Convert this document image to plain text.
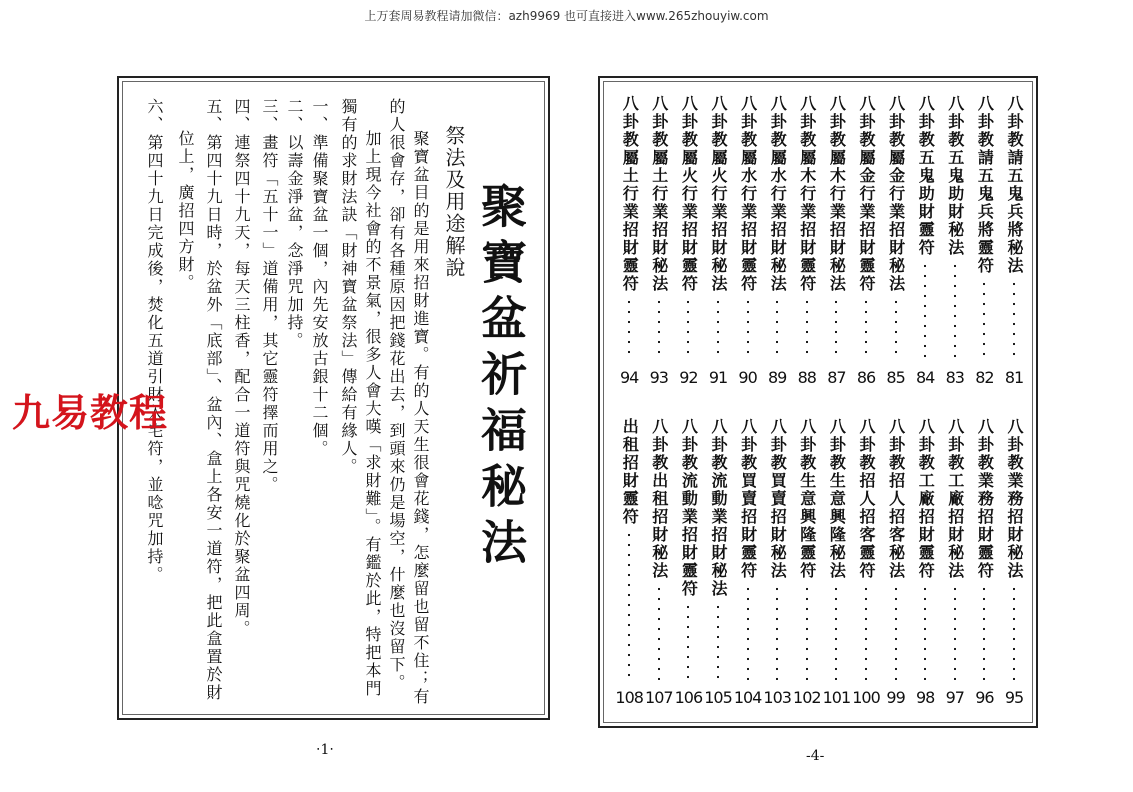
上万套周易教程请加微信：azh9969 也可直接进入www.265zhouyiw.com
聚寶盆祈福秘法
祭法及用途解說
聚寶盆目的是用來招財進寶。有的人天生很會花錢，怎麼留也留不住；有
的人很會存，卻有各種原因把錢花出去，到頭來仍是場空，什麼也沒留下。
加上現今社會的不景氣，很多人會大嘆「求財難」。有鑑於此，特把本門
獨有的求財法訣「財神寶盆祭法」傳給有緣人。
一、準備聚寶盆一個，內先安放古銀十二個。
二、以壽金淨盆，念淨咒加持。
三、畫符「五十一」道備用，其它靈符擇而用之。
四、連祭四十九天，每天三柱香，配合一道符與咒燒化於聚盆四周。
五、第四十九日時，於盆外「底部」、盆內、盒上各安一道符，把此盒置於財
位上，廣招四方財。
六、第四十九日完成後，焚化五道引財入宅符，並唸咒加持。
‧1‧
八卦教請五鬼兵將秘法
81
八卦教請五鬼兵將靈符
82
八卦教五鬼助財秘法
83
八卦教五鬼助財靈符
84
八卦教屬金行業招財秘法
85
八卦教屬金行業招財靈符
86
八卦教屬木行業招財秘法
87
八卦教屬木行業招財靈符
88
八卦教屬水行業招財秘法
89
八卦教屬水行業招財靈符
90
八卦教屬火行業招財秘法
91
八卦教屬火行業招財靈符
92
八卦教屬土行業招財秘法
93
八卦教屬土行業招財靈符
94
八卦教業務招財秘法
95
八卦教業務招財靈符
96
八卦教工廠招財秘法
97
八卦教工廠招財靈符
98
八卦教招人招客秘法
99
八卦教招人招客靈符
100
八卦教生意興隆秘法
101
八卦教生意興隆靈符
102
八卦教買賣招財秘法
103
八卦教買賣招財靈符
104
八卦教流動業招財秘法
105
八卦教流動業招財靈符
106
八卦教出租招財秘法
107
出租招財靈符
108
-4-
九易教程
